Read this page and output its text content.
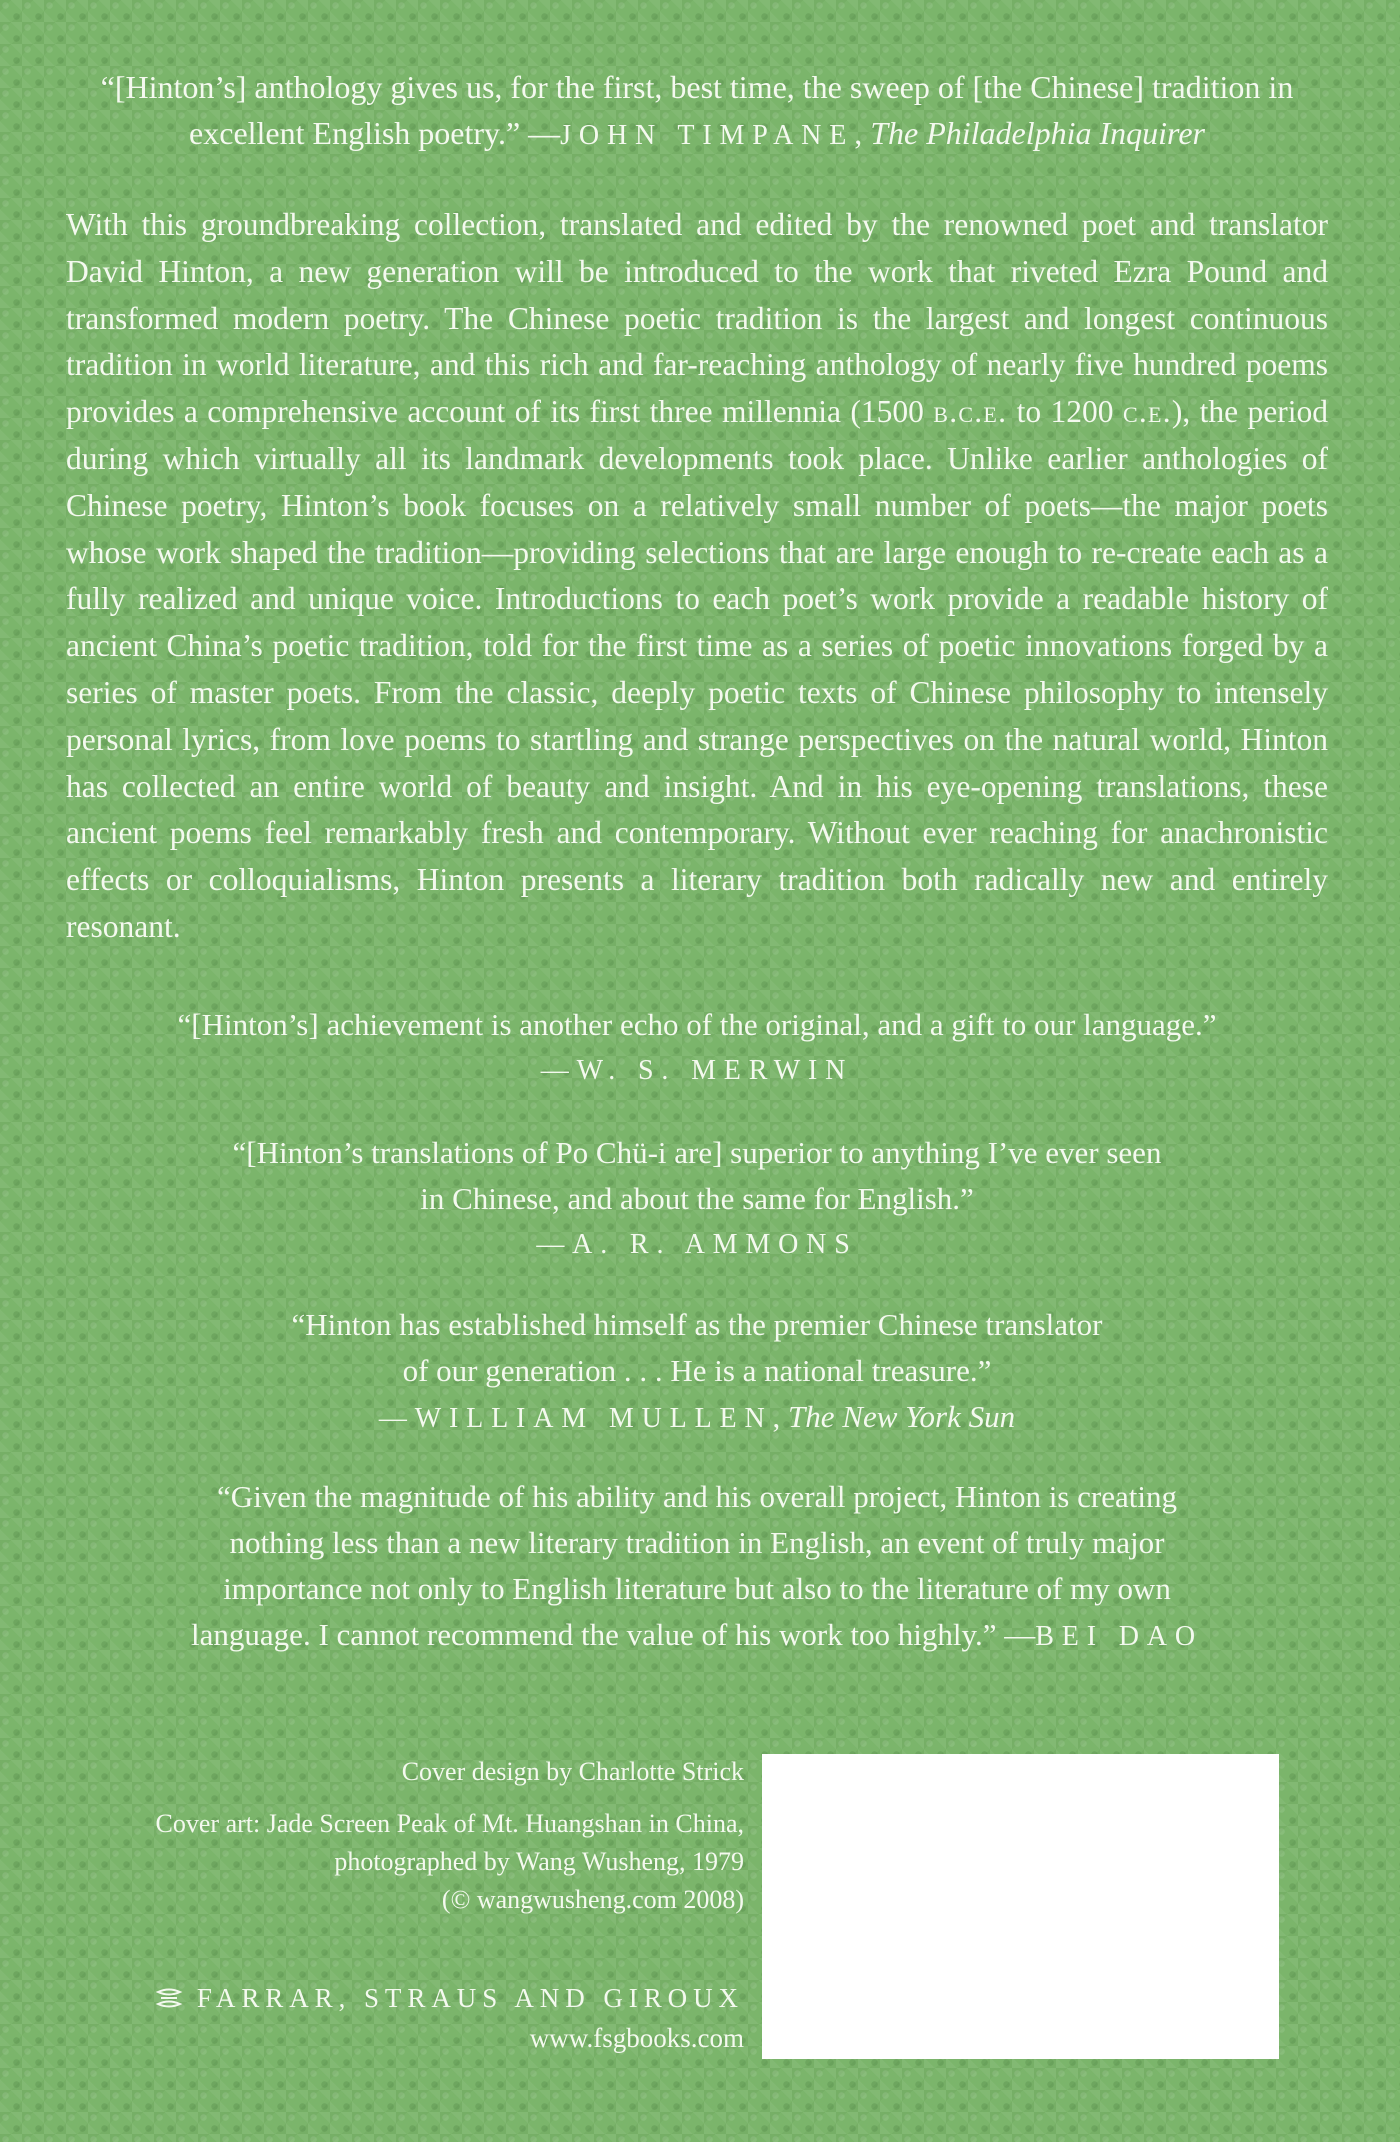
“[Hinton’s] anthology gives us, for the first, best time, the sweep of [the Chinese] tradition in
excellent English poetry.” —JOHN TIMPANE, The Philadelphia Inquirer
With this groundbreaking collection, translated and edited by the renowned poet and translator David Hinton, a new generation will be introduced to the work that riveted Ezra Pound and transformed modern poetry. The Chinese poetic tradition is the largest and longest continuous tradition in world literature, and this rich and far-reaching anthology of nearly five hundred poems provides a comprehensive account of its first three millennia (1500 b.c.e. to 1200 c.e.), the period during which virtually all its landmark developments took place. Unlike earlier anthologies of Chinese poetry, Hinton’s book focuses on a relatively small number of poets—the major poets whose work shaped the tradition—providing selections that are large enough to re-create each as a fully realized and unique voice. Introductions to each poet’s work provide a readable history of ancient China’s poetic tradition, told for the first time as a series of poetic innovations forged by a series of master poets. From the classic, deeply poetic texts of Chinese philosophy to intensely personal lyrics, from love poems to startling and strange perspectives on the natural world, Hinton has collected an entire world of beauty and insight. And in his eye-opening translations, these ancient poems feel remarkably fresh and contemporary. Without ever reaching for anachronistic effects or colloquialisms, Hinton presents a literary tradition both radically new and entirely resonant.
“[Hinton’s] achievement is another echo of the original, and a gift to our language.”
—W. S. MERWIN
“[Hinton’s translations of Po Chü-i are] superior to anything I’ve ever seen
in Chinese, and about the same for English.”
—A. R. AMMONS
“Hinton has established himself as the premier Chinese translator
of our generation . . . He is a national treasure.”
—WILLIAM MULLEN, The New York Sun
“Given the magnitude of his ability and his overall project, Hinton is creating
nothing less than a new literary tradition in English, an event of truly major
importance not only to English literature but also to the literature of my own
language. I cannot recommend the value of his work too highly.” —BEI DAO
Cover design by Charlotte Strick
Cover art: Jade Screen Peak of Mt. Huangshan in China,
photographed by Wang Wusheng, 1979
(© wangwusheng.com 2008)
FARRAR, STRAUS AND GIROUX
www.fsgbooks.com
